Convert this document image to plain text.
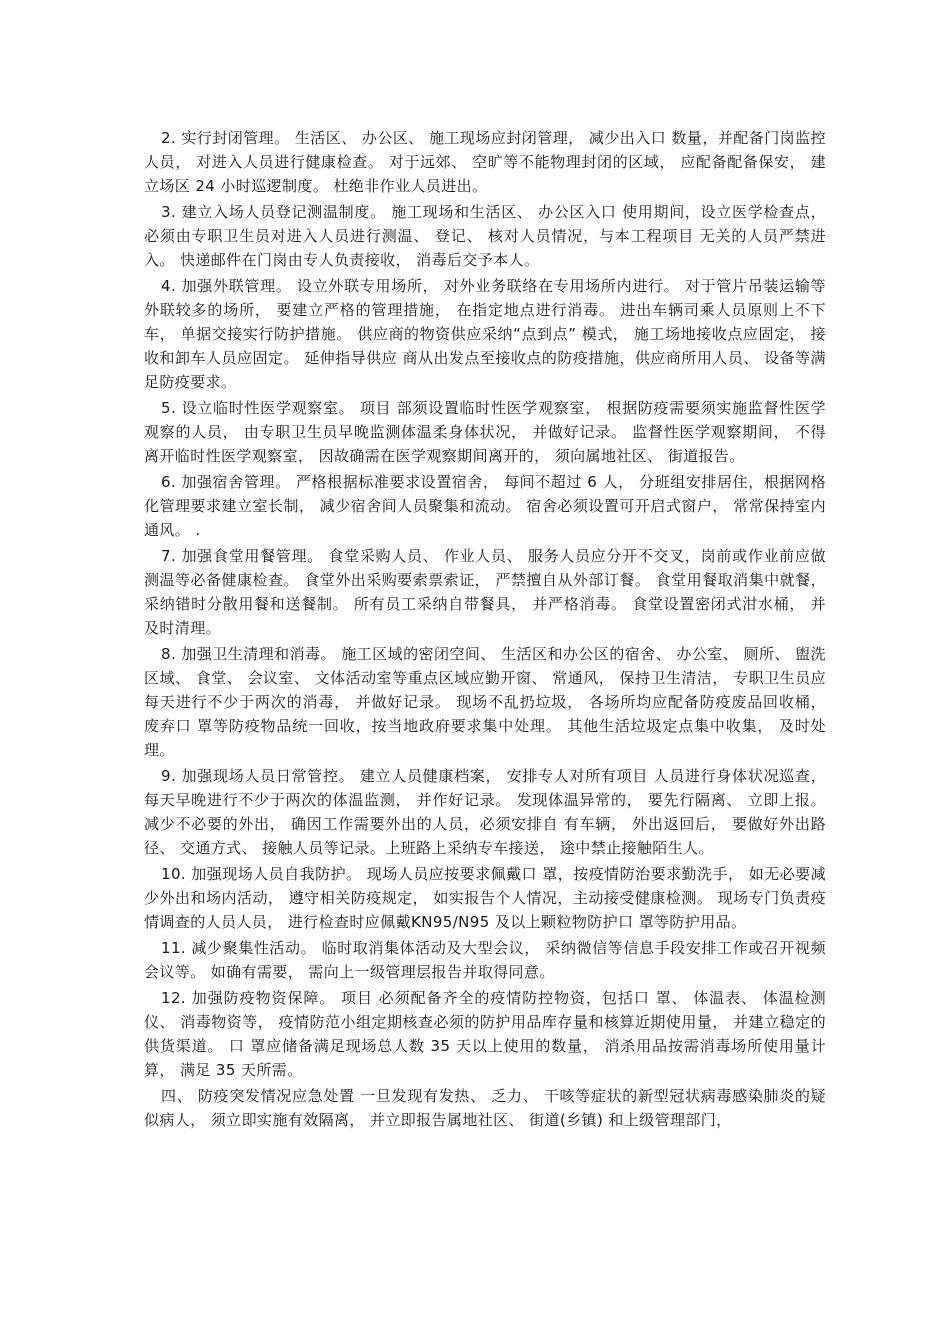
2. 实行封闭管理。 生活区、 办公区、 施工现场应封闭管理， 减少出入口 数量，并配备门岗监控人员， 对进入人员进行健康检查。 对于远郊、 空旷等不能物理封闭的区域， 应配备配备保安， 建立场区 24 小时巡逻制度。 杜绝非作业人员进出。

3. 建立入场人员登记测温制度。 施工现场和生活区、 办公区入口 使用期间，设立医学检查点， 必须由专职卫生员对进入人员进行测温、 登记、 核对人员情况，与本工程项目 无关的人员严禁进入。 快递邮件在门岗由专人负责接收， 消毒后交予本人。

4. 加强外联管理。 设立外联专用场所， 对外业务联络在专用场所内进行。 对于管片吊装运输等外联较多的场所， 要建立严格的管理措施， 在指定地点进行消毒。 进出车辆司乘人员原则上不下车， 单据交接实行防护措施。 供应商的物资供应采纳“点到点” 模式， 施工场地接收点应固定， 接收和卸车人员应固定。 延伸指导供应 商从出发点至接收点的防疫措施，供应商所用人员、 设备等满足防疫要求。

5. 设立临时性医学观察室。 项目 部须设置临时性医学观察室， 根据防疫需要须实施监督性医学观察的人员， 由专职卫生员早晚监测体温柔身体状况， 并做好记录。 监督性医学观察期间， 不得离开临时性医学观察室， 因故确需在医学观察期间离开的， 须向属地社区、 街道报告。

6. 加强宿舍管理。 严格根据标准要求设置宿舍， 每间不超过 6 人， 分班组安排居住，根据网格化管理要求建立室长制， 减少宿舍间人员聚集和流动。 宿舍必须设置可开启式窗户， 常常保持室内通风。 .

7. 加强食堂用餐管理。 食堂采购人员、 作业人员、 服务人员应分开不交叉，岗前或作业前应做测温等必备健康检查。 食堂外出采购要索票索证， 严禁擅自从外部订餐。 食堂用餐取消集中就餐， 采纳错时分散用餐和送餐制。 所有员工采纳自带餐具， 并严格消毒。 食堂设置密闭式泔水桶， 并及时清理。

8. 加强卫生清理和消毒。 施工区域的密闭空间、 生活区和办公区的宿舍、 办公室、 厕所、 盥洗区域、 食堂、 会议室、 文体活动室等重点区域应勤开窗、 常通风， 保持卫生清洁， 专职卫生员应每天进行不少于两次的消毒， 并做好记录。 现场不乱扔垃圾， 各场所均应配备防疫废品回收桶， 废弃口 罩等防疫物品统一回收，按当地政府要求集中处理。 其他生活垃圾定点集中收集， 及时处理。

9. 加强现场人员日常管控。 建立人员健康档案， 安排专人对所有项目 人员进行身体状况巡查， 每天早晚进行不少于两次的体温监测， 并作好记录。 发现体温异常的， 要先行隔离、 立即上报。 减少不必要的外出， 确因工作需要外出的人员，必须安排自 有车辆， 外出返回后， 要做好外出路径、 交通方式、 接触人员等记录。上班路上采纳专车接送， 途中禁止接触陌生人。

10. 加强现场人员自我防护。 现场人员应按要求佩戴口 罩，按疫情防治要求勤洗手， 如无必要减少外出和场内活动， 遵守相关防疫规定， 如实报告个人情况，主动接受健康检测。 现场专门负责疫情调查的人员人员， 进行检查时应佩戴KN95/N95 及以上颗粒物防护口 罩等防护用品。

11. 减少聚集性活动。 临时取消集体活动及大型会议， 采纳微信等信息手段安排工作或召开视频会议等。 如确有需要， 需向上一级管理层报告并取得同意。

12. 加强防疫物资保障。 项目 必须配备齐全的疫情防控物资，包括口 罩、 体温表、 体温检测仪、 消毒物资等， 疫情防范小组定期核查必须的防护用品库存量和核算近期使用量， 并建立稳定的供货渠道。 口 罩应储备满足现场总人数 35 天以上使用的数量， 消杀用品按需消毒场所使用量计算， 满足 35 天所需。

四、 防疫突发情况应急处置 一旦发现有发热、 乏力、 干咳等症状的新型冠状病毒感染肺炎的疑似病人， 须立即实施有效隔离， 并立即报告属地社区、 街道(乡镇) 和上级管理部门，
